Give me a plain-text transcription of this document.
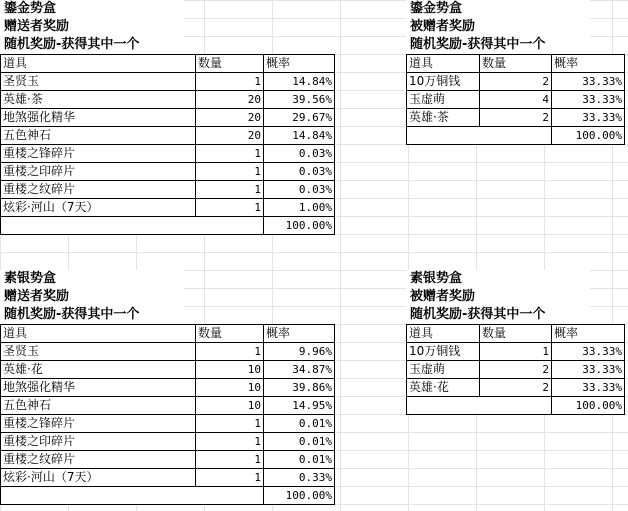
鎏金势盒
赠送者奖励
随机奖励-获得其中一个
道具	数量	概率
圣贤玉	1	14.84%
英雄·茶	20	39.56%
地煞强化精华	20	29.67%
五色神石	20	14.84%
重楼之锋碎片	1	0.03%
重楼之印碎片	1	0.03%
重楼之纹碎片	1	0.03%
炫彩·河山（7天）	1	1.00%
		100.00%
鎏金势盒
被赠者奖励
随机奖励-获得其中一个
道具	数量	概率
10万铜钱	2	33.33%
玉虚萌	4	33.33%
英雄·茶	2	33.33%
		100.00%
素银势盒
赠送者奖励
随机奖励-获得其中一个
道具	数量	概率
圣贤玉	1	9.96%
英雄·花	10	34.87%
地煞强化精华	10	39.86%
五色神石	10	14.95%
重楼之锋碎片	1	0.01%
重楼之印碎片	1	0.01%
重楼之纹碎片	1	0.01%
炫彩·河山（7天）	1	0.33%
		100.00%
素银势盒
被赠者奖励
随机奖励-获得其中一个
道具	数量	概率
10万铜钱	1	33.33%
玉虚萌	2	33.33%
英雄·花	2	33.33%
		100.00%
